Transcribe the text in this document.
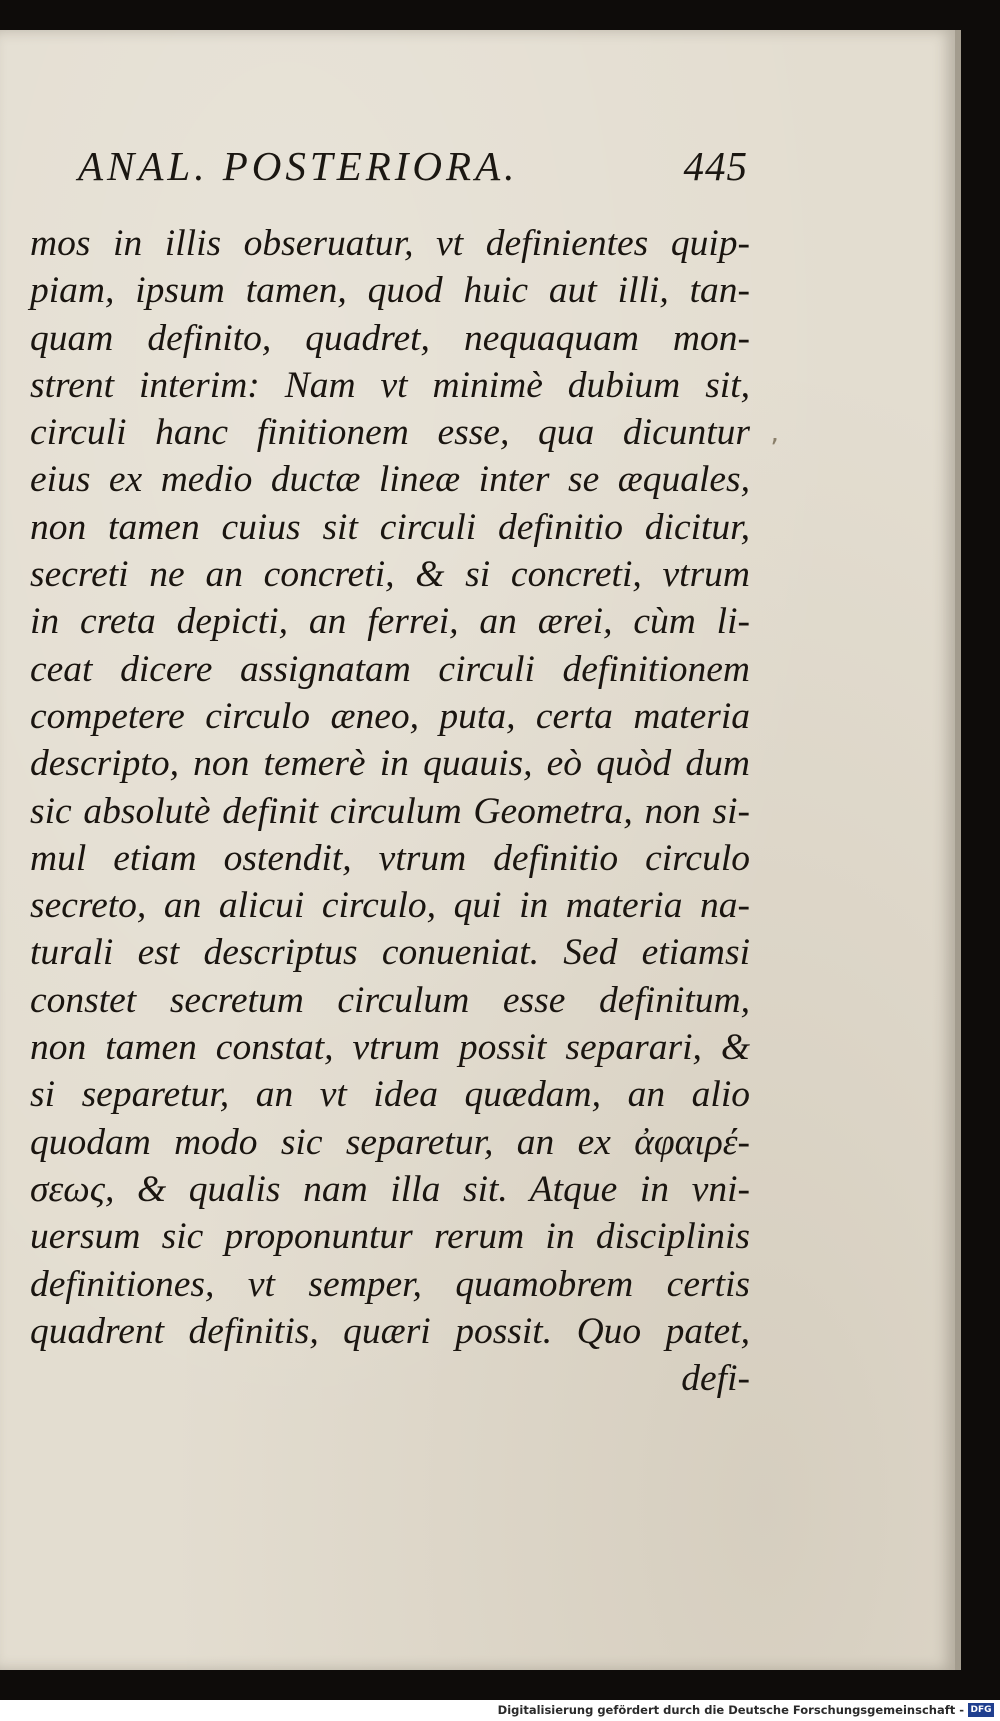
ANAL. POSTERIORA.	445
’
mos in illis obseruatur, vt definientes quip-
piam, ipsum tamen, quod huic aut illi, tan-
quam definito, quadret, nequaquam mon-
strent interim: Nam vt minimè dubium sit,
circuli hanc finitionem esse, qua dicuntur
eius ex medio ductæ lineæ inter se æquales,
non tamen cuius sit circuli definitio dicitur,
secreti ne an concreti, & si concreti, vtrum
in creta depicti, an ferrei, an ærei, cùm li-
ceat dicere assignatam circuli definitionem
competere circulo æneo, puta, certa materia
descripto, non temerè in quauis, eò quòd dum
sic absolutè definit circulum Geometra, non si-
mul etiam ostendit, vtrum definitio circulo
secreto, an alicui circulo, qui in materia na-
turali est descriptus conueniat. Sed etiamsi
constet secretum circulum esse definitum,
non tamen constat, vtrum possit separari, &
si separetur, an vt idea quædam, an alio
quodam modo sic separetur, an ex ἀφαιρέ-
σεως, & qualis nam illa sit. Atque in vni-
uersum sic proponuntur rerum in disciplinis
definitiones, vt semper, quamobrem certis
quadrent definitis, quæri possit. Quo patet,
defi-
Digitalisierung gefördert durch die Deutsche Forschungsgemeinschaft - DFG
